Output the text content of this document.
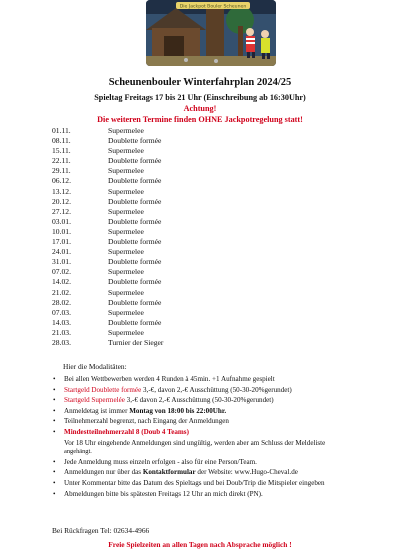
Die Jackpot Bouler Scheunen
Scheunenbouler Winterfahrplan 2024/25
Spieltag Freitags 17 bis 21 Uhr (Einschreibung ab 16:30Uhr)
Achtung!
Die weiteren Termine finden OHNE Jackpotregelung statt!
01.11.	Supermelee
08.11.	Doublette formée
15.11.	Supermelee
22.11.	Doublette formée
29.11.	Supermelee
06.12.	Doublette formée
13.12.	Supermelee
20.12.	Doublette formée
27.12.	Supermelee
03.01.	Doublette formée
10.01.	Supermelee
17.01.	Doublette formée
24.01.	Supermelee
31.01.	Doublette formée
07.02.	Supermelee
14.02.	Doublette formée
21.02.	Supermelee
28.02.	Doublette formée
07.03.	Supermelee
14.03.	Doublette formée
21.03.	Supermelee
28.03.	Turnier der Sieger
Hier die Modalitäten:
• Bei allen Wettbewerben werden 4 Runden à 45min. +1 Aufnahme gespielt
• Startgeld Doublette formée 3,-€, davon 2,-€ Ausschüttung (50-30-20%gerundet)
• Startgeld Supermelée 3,-€ davon 2,-€ Ausschüttung (50-30-20%gerundet)
• Anmeldetag ist immer Montag von 18:00 bis 22:00Uhr.
• Teilnehmerzahl begrenzt, nach Eingang der Anmeldungen
• Mindestteilnehmerzahl 8 (Doub 4 Teams)
Vor 18 Uhr eingehende Anmeldungen sind ungültig, werden aber am Schluss der Meldeliste
angehängt.
• Jede Anmeldung muss einzeln erfolgen - also für eine Person/Team.
• Anmeldungen nur über das Kontaktformular der Website: www.Hugo-Cheval.de
• Unter Kommentar bitte das Datum des Spieltags und bei Doub/Trip die Mitspieler eingeben
• Abmeldungen bitte bis spätesten Freitags 12 Uhr an mich direkt (PN).
Bei Rückfragen Tel: 02634-4966
Freie Spielzeiten an allen Tagen nach Absprache möglich !
